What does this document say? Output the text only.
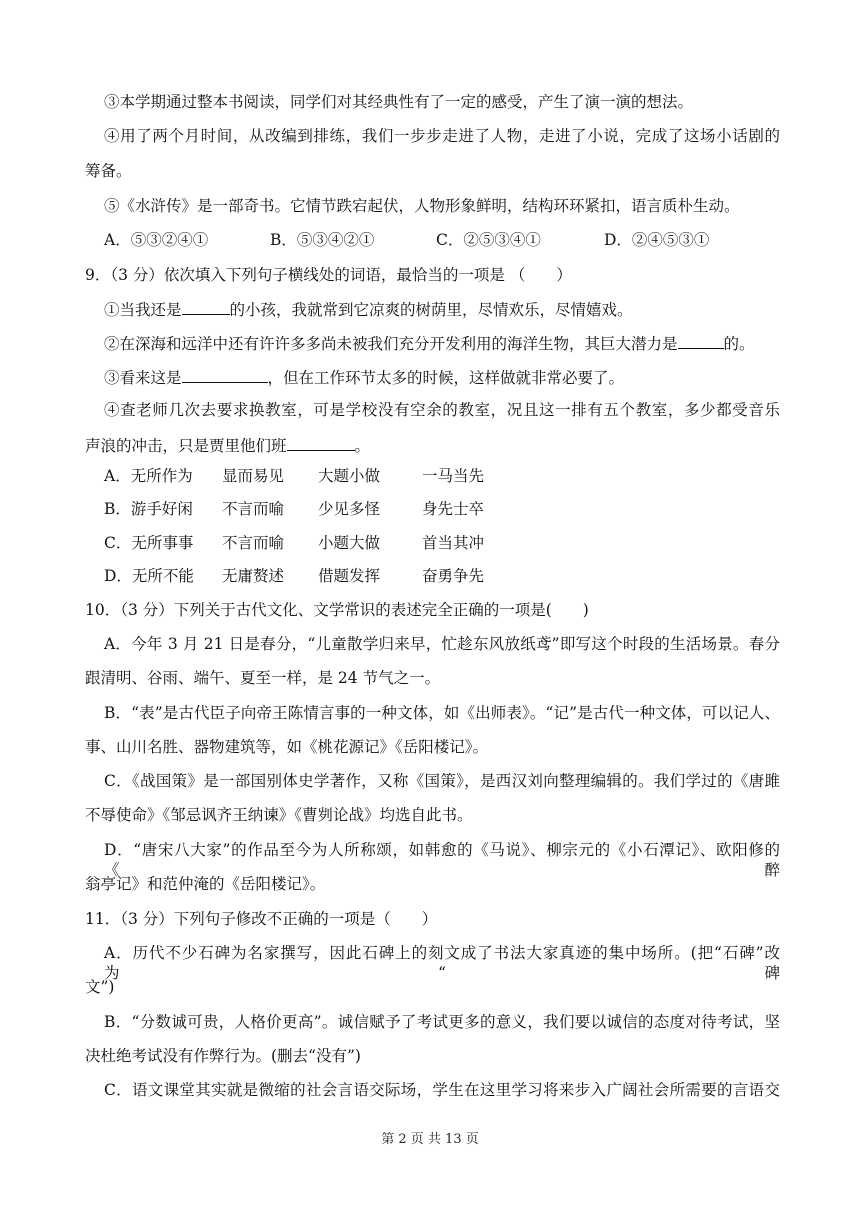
③本学期通过整本书阅读，同学们对其经典性有了一定的感受，产生了演一演的想法。
④用了两个月时间，从改编到排练，我们一步步走进了人物，走进了小说，完成了这场小话剧的
筹备。
⑤《水浒传》是一部奇书。它情节跌宕起伏，人物形象鲜明，结构环环紧扣，语言质朴生动。
A．⑤③②④①	B．⑤③④②①	C．②⑤③④①	D．②④⑤③①
9．（3 分）依次填入下列句子横线处的词语，最恰当的一项是 （　　）
①当我还是	的小孩，我就常到它凉爽的树荫里，尽情欢乐，尽情嬉戏。
②在深海和远洋中还有许许多多尚未被我们充分开发利用的海洋生物，其巨大潜力是	的。
③看来这是	，但在工作环节太多的时候，这样做就非常必要了。
④查老师几次去要求换教室，可是学校没有空余的教室，况且这一排有五个教室，多少都受音乐
声浪的冲击，只是贾里他们班	。
A．无所作为 显而易见 大题小做	一马当先
B．游手好闲 不言而喻 少见多怪	身先士卒
C．无所事事 不言而喻 小题大做	首当其冲
D．无所不能 无庸赘述 借题发挥	奋勇争先
10．（3 分）下列关于古代文化、文学常识的表述完全正确的一项是(　　)
A．今年 3 月 21 日是春分，“儿童散学归来早，忙趁东风放纸鸢”即写这个时段的生活场景。春分
跟清明、谷雨、端午、夏至一样，是 24 节气之一。
B．“表”是古代臣子向帝王陈情言事的一种文体，如《出师表》。“记”是古代一种文体，可以记人、
事、山川名胜、器物建筑等，如《桃花源记》《岳阳楼记》。
C．《战国策》是一部国别体史学著作，又称《国策》，是西汉刘向整理编辑的。我们学过的《唐雎
不辱使命》《邹忌讽齐王纳谏》《曹刿论战》均选自此书。
D．“唐宋八大家”的作品至今为人所称颂，如韩愈的《马说》、柳宗元的《小石潭记》、欧阳修的《醉
翁亭记》和范仲淹的《岳阳楼记》。
11．（3 分）下列句子修改不正确的一项是（　　）
A．历代不少石碑为名家撰写，因此石碑上的刻文成了书法大家真迹的集中场所。(把“石碑”改为“碑
文”)
B．“分数诚可贵，人格价更高”。诚信赋予了考试更多的意义，我们要以诚信的态度对待考试，坚
决杜绝考试没有作弊行为。(删去“没有”)
C．语文课堂其实就是微缩的社会言语交际场，学生在这里学习将来步入广阔社会所需要的言语交
第 2 页 共 13 页
